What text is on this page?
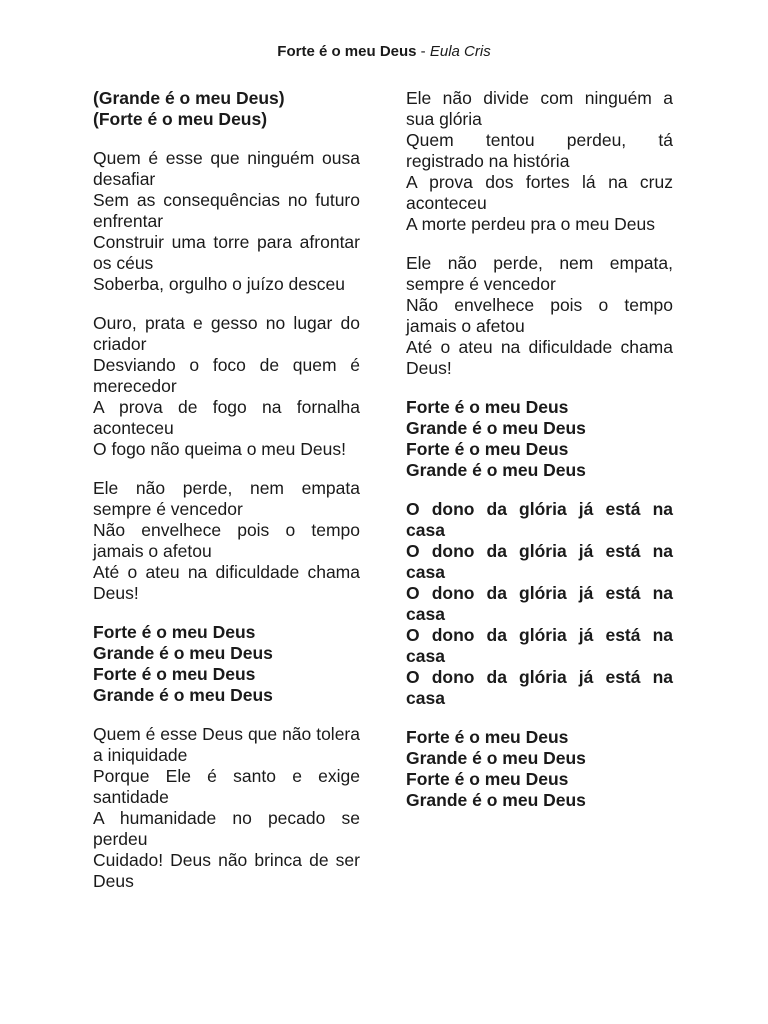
Forte é o meu Deus - Eula Cris
(Grande é o meu Deus)
(Forte é o meu Deus)
Quem é esse que ninguém ousa desafiar
Sem as consequências no futuro enfrentar
Construir uma torre para afrontar os céus
Soberba, orgulho o juízo desceu
Ouro, prata e gesso no lugar do criador
Desviando o foco de quem é merecedor
A prova de fogo na fornalha aconteceu
O fogo não queima o meu Deus!
Ele não perde, nem empata sempre é vencedor
Não envelhece pois o tempo jamais o afetou
Até o ateu na dificuldade chama Deus!
Forte é o meu Deus
Grande é o meu Deus
Forte é o meu Deus
Grande é o meu Deus
Quem é esse Deus que não tolera a iniquidade
Porque Ele é santo e exige santidade
A humanidade no pecado se perdeu
Cuidado! Deus não brinca de ser Deus
Ele não divide com ninguém a sua glória
Quem tentou perdeu, tá registrado na história
A prova dos fortes lá na cruz aconteceu
A morte perdeu pra o meu Deus
Ele não perde, nem empata, sempre é vencedor
Não envelhece pois o tempo jamais o afetou
Até o ateu na dificuldade chama Deus!
Forte é o meu Deus
Grande é o meu Deus
Forte é o meu Deus
Grande é o meu Deus
O dono da glória já está na casa
O dono da glória já está na casa
O dono da glória já está na casa
O dono da glória já está na casa
O dono da glória já está na casa
Forte é o meu Deus
Grande é o meu Deus
Forte é o meu Deus
Grande é o meu Deus
